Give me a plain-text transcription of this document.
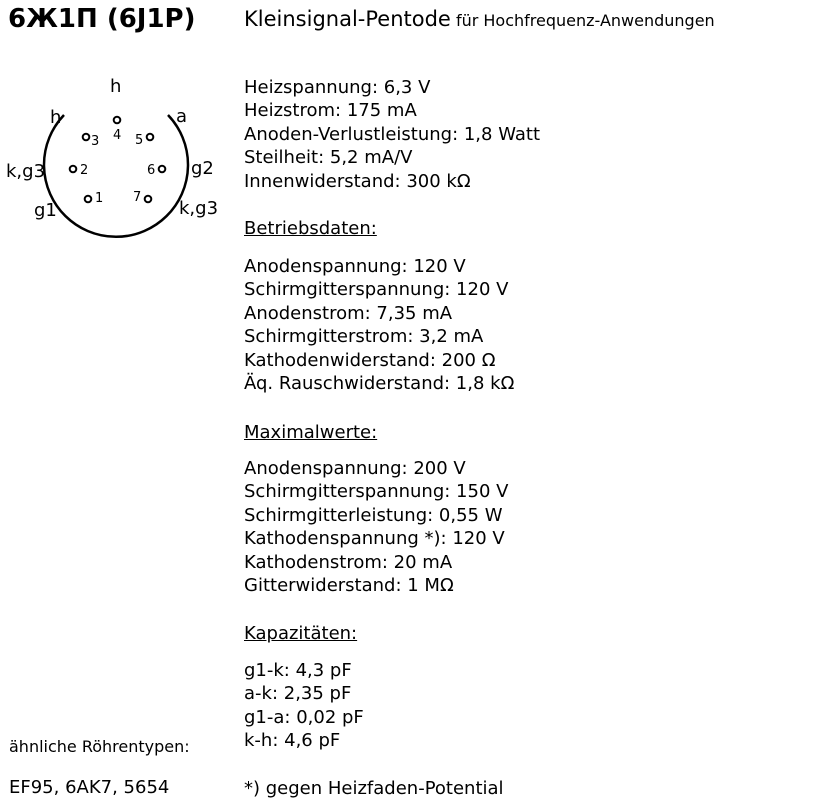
6Ж1П (6J1P) Kleinsignal-Pentode für Hochfrequenz-Anwendungen
4
3	5
2	6
1 7
h
h	a
k,g3	g2
g1	k,g3
Heizspannung: 6,3 V
Heizstrom: 175 mA
Anoden-Verlustleistung: 1,8 Watt
Steilheit: 5,2 mA/V
Innenwiderstand: 300 kΩ
Betriebsdaten:
Anodenspannung: 120 V
Schirmgitterspannung: 120 V
Anodenstrom: 7,35 mA
Schirmgitterstrom: 3,2 mA
Kathodenwiderstand: 200 Ω
Äq. Rauschwiderstand: 1,8 kΩ
Maximalwerte:
Anodenspannung: 200 V
Schirmgitterspannung: 150 V
Schirmgitterleistung: 0,55 W
Kathodenspannung *): 120 V
Kathodenstrom: 20 mA
Gitterwiderstand: 1 MΩ
Kapazitäten:
g1-k: 4,3 pF
a-k: 2,35 pF
g1-a: 0,02 pF
k-h: 4,6 pF
*) gegen Heizfaden-Potential
ähnliche Röhrentypen:
EF95, 6AK7, 5654
